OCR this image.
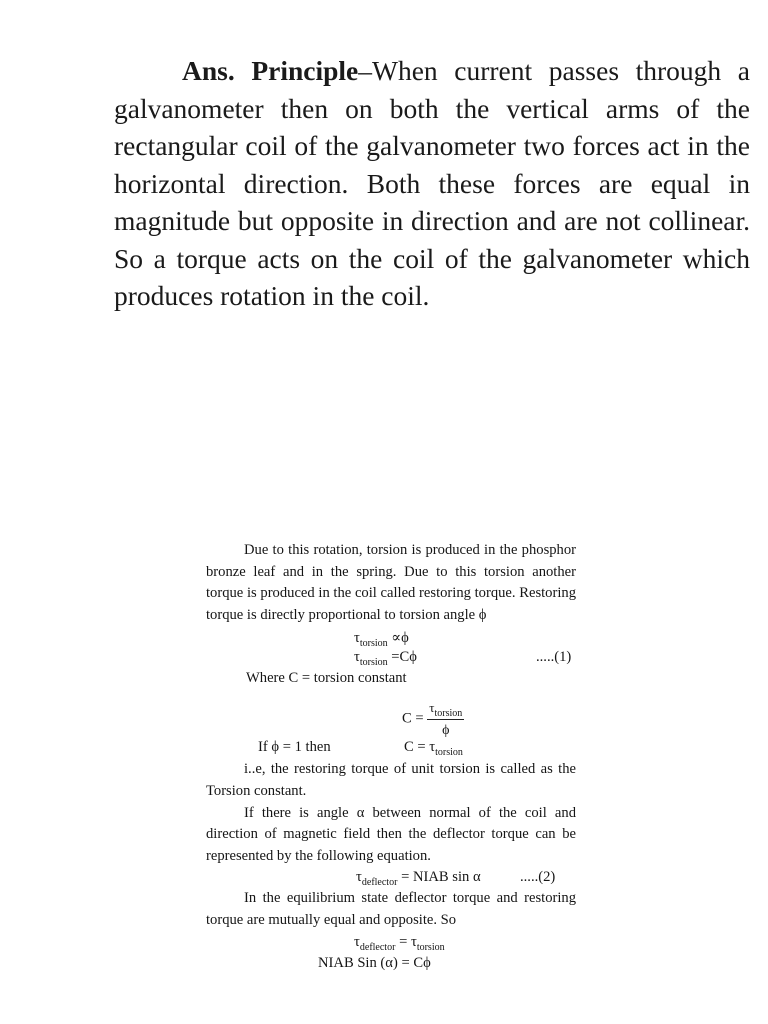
Ans. Principle–When current passes through a galvanometer then on both the vertical arms of the rectangular coil of the galvanometer two forces act in the horizontal direction. Both these forces are equal in magnitude but opposite in direction and are not collinear. So a torque acts on the coil of the galvanometer which produces rotation in the coil.

Due to this rotation, torsion is produced in the phosphor bronze leaf and in the spring. Due to this torsion another torque is produced in the coil called restoring torque. Restoring torque is directly proportional to torsion angle ϕ

$\tau_{torsion} \propto\phi$
$\tau_{torsion} =C\phi$	.....(1)
Where C = torsion constant
$C = \frac{\tau_{torsion}}{\phi}$
If ϕ = 1 then	$C = \tau_{torsion}$

i..e, the restoring torque of unit torsion is called as the Torsion constant.

If there is angle α between normal of the coil and direction of magnetic field then the deflector torque can be represented by the following equation.

$\tau_{deflector}$ = NIAB sin α	.....(2)

In the equilibrium state deflector torque and restoring torque are mutually equal and opposite. So

$\tau_{deflector} = \tau_{torsion}$
NIAB Sin (α) = Cϕ
